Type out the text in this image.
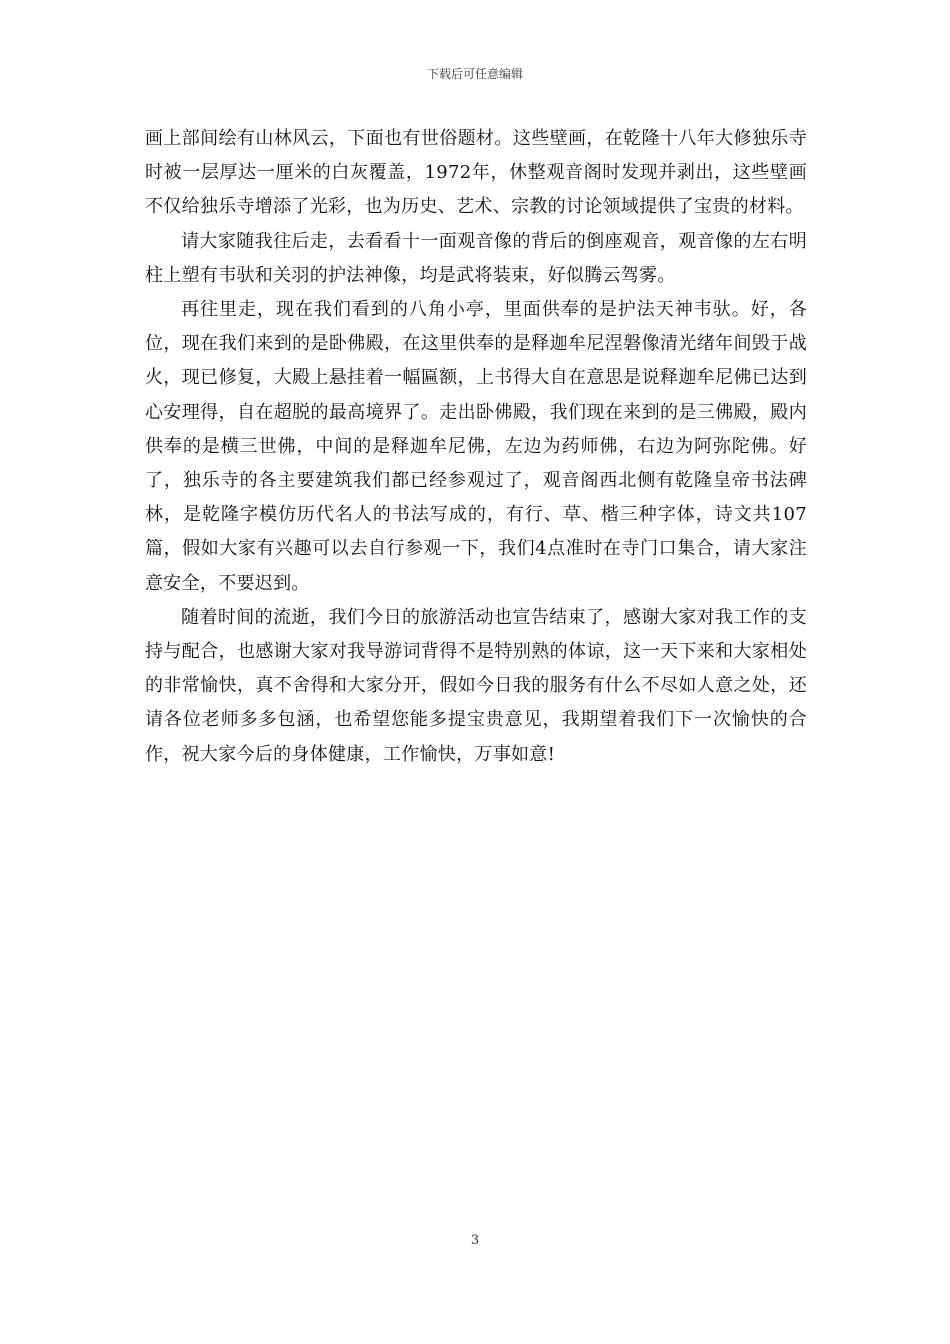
下载后可任意编辑

画上部间绘有山林风云，下面也有世俗题材。这些壁画，在乾隆十八年大修独乐寺时被一层厚达一厘米的白灰覆盖，1972年，休整观音阁时发现并剥出，这些壁画不仅给独乐寺增添了光彩，也为历史、艺术、宗教的讨论领域提供了宝贵的材料。

请大家随我往后走，去看看十一面观音像的背后的倒座观音，观音像的左右明柱上塑有韦驮和关羽的护法神像，均是武将装束，好似腾云驾雾。

再往里走，现在我们看到的八角小亭，里面供奉的是护法天神韦驮。好，各位，现在我们来到的是卧佛殿，在这里供奉的是释迦牟尼涅磐像清光绪年间毁于战火，现已修复，大殿上悬挂着一幅匾额，上书得大自在意思是说释迦牟尼佛已达到心安理得，自在超脱的最高境界了。走出卧佛殿，我们现在来到的是三佛殿，殿内供奉的是横三世佛，中间的是释迦牟尼佛，左边为药师佛，右边为阿弥陀佛。好了，独乐寺的各主要建筑我们都已经参观过了，观音阁西北侧有乾隆皇帝书法碑林，是乾隆字模仿历代名人的书法写成的，有行、草、楷三种字体，诗文共107篇，假如大家有兴趣可以去自行参观一下，我们4点准时在寺门口集合，请大家注意安全，不要迟到。

随着时间的流逝，我们今日的旅游活动也宣告结束了，感谢大家对我工作的支持与配合，也感谢大家对我导游词背得不是特别熟的体谅，这一天下来和大家相处的非常愉快，真不舍得和大家分开，假如今日我的服务有什么不尽如人意之处，还请各位老师多多包涵，也希望您能多提宝贵意见，我期望着我们下一次愉快的合作，祝大家今后的身体健康，工作愉快，万事如意!

3
